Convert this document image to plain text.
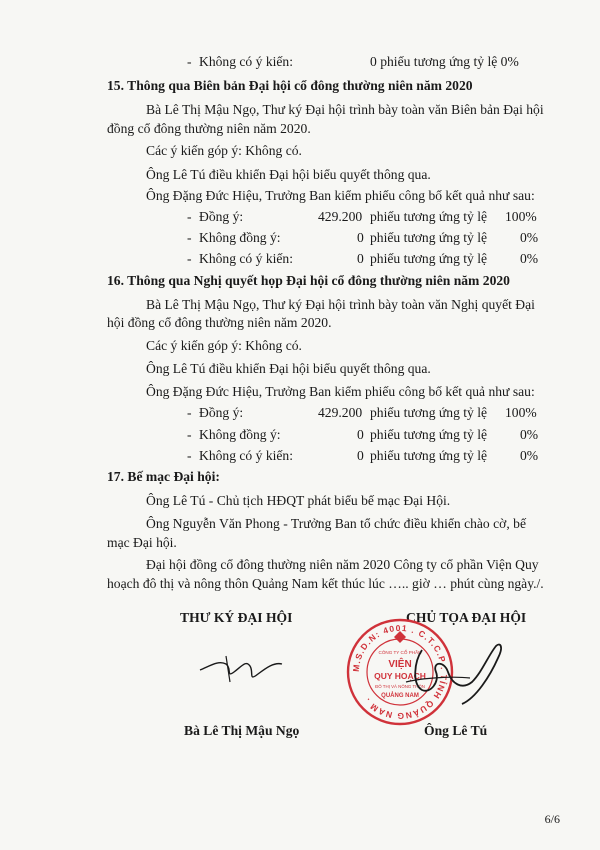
- Không có ý kiến:	0 phiếu tương ứng tỷ lệ 0%
15. Thông qua Biên bản Đại hội cổ đông thường niên năm 2020
Bà Lê Thị Mậu Ngọ, Thư ký Đại hội trình bày toàn văn Biên bản Đại hội
đồng cổ đông thường niên năm 2020.
Các ý kiến góp ý: Không có.
Ông Lê Tú điều khiển Đại hội biểu quyết thông qua.
Ông Đặng Đức Hiệu, Trưởng Ban kiểm phiếu công bố kết quả như sau:
- Đồng ý:	429.200 phiếu tương ứng tỷ lệ 100%
- Không đồng ý:	0 phiếu tương ứng tỷ lệ 0%
- Không có ý kiến:	0 phiếu tương ứng tỷ lệ 0%
16. Thông qua Nghị quyết họp Đại hội cổ đông thường niên năm 2020
Bà Lê Thị Mậu Ngọ, Thư ký Đại hội trình bày toàn văn Nghị quyết Đại
hội đồng cổ đông thường niên năm 2020.
Các ý kiến góp ý: Không có.
Ông Lê Tú điều khiển Đại hội biểu quyết thông qua.
Ông Đặng Đức Hiệu, Trưởng Ban kiểm phiếu công bố kết quả như sau:
- Đồng ý:	429.200 phiếu tương ứng tỷ lệ 100%
- Không đồng ý:	0 phiếu tương ứng tỷ lệ 0%
- Không có ý kiến:	0 phiếu tương ứng tỷ lệ 0%
17. Bế mạc Đại hội:
Ông Lê Tú - Chủ tịch HĐQT phát biểu bế mạc Đại Hội.
Ông Nguyễn Văn Phong - Trưởng Ban tổ chức điều khiển chào cờ, bế
mạc Đại hội.
Đại hội đồng cổ đông thường niên năm 2020 Công ty cổ phần Viện Quy
hoạch đô thị và nông thôn Quảng Nam kết thúc lúc ….. giờ … phút cùng ngày./.
THƯ KÝ ĐẠI HỘI	CHỦ TỌA ĐẠI HỘI
M.S.D.N: 4001 . C.T.C.P . TỈNH QUẢNG NAM .
CÔNG TY CỔ PHẦN
VIỆN
QUY HOẠCH
ĐÔ THỊ VÀ NÔNG THÔN
QUẢNG NAM
Bà Lê Thị Mậu Ngọ	Ông Lê Tú
6/6
